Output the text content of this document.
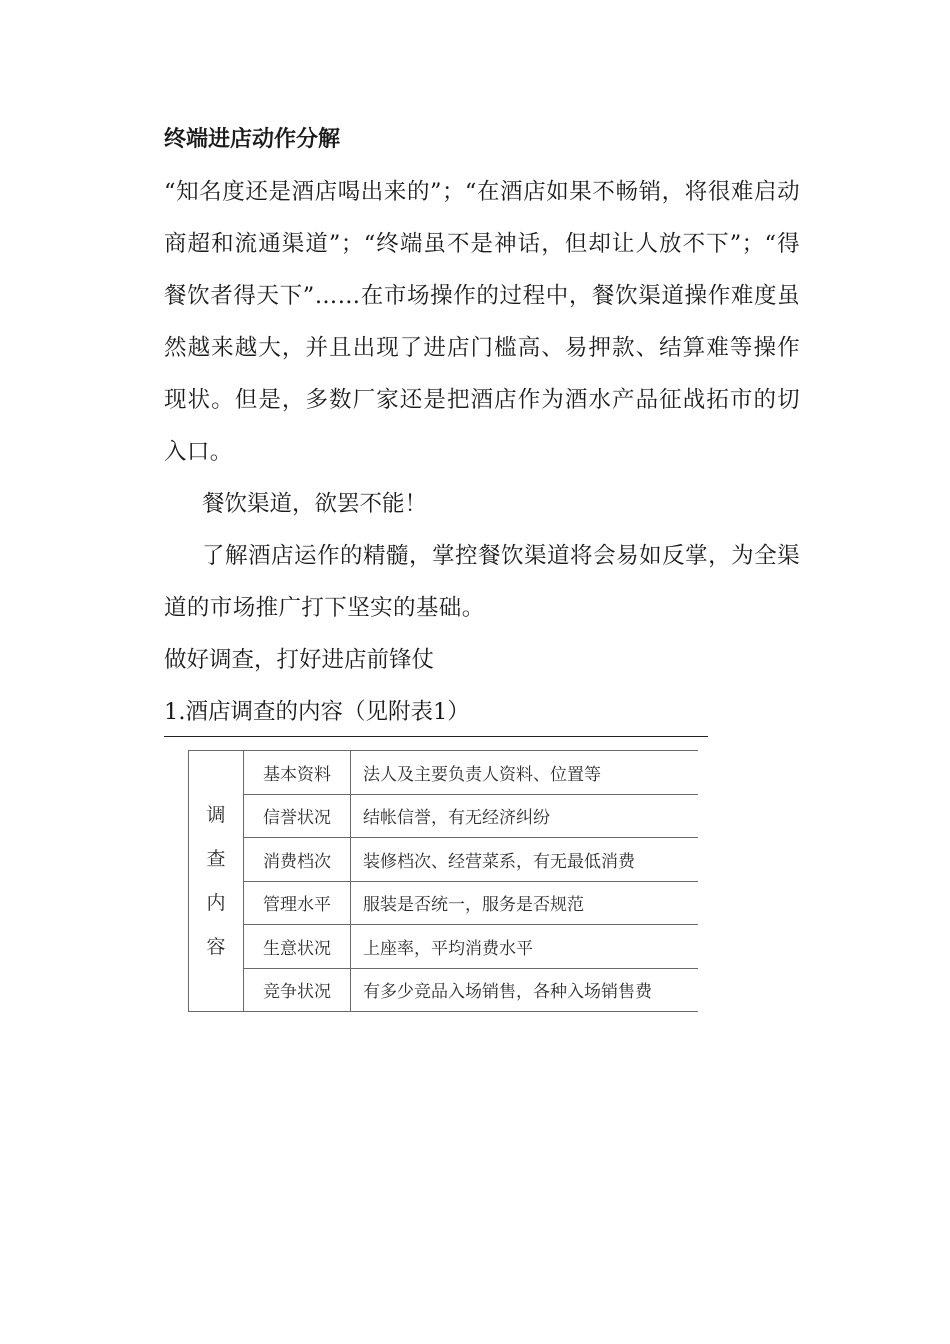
终端进店动作分解
“知名度还是酒店喝出来的”；“在酒店如果不畅销，将很难启动商超和流通渠道”；“终端虽不是神话，但却让人放不下”；“得餐饮者得天下”……在市场操作的过程中，餐饮渠道操作难度虽然越来越大，并且出现了进店门槛高、易押款、结算难等操作现状。但是，多数厂家还是把酒店作为酒水产品征战拓市的切入口。
餐饮渠道，欲罢不能！
了解酒店运作的精髓，掌控餐饮渠道将会易如反掌，为全渠道的市场推广打下坚实的基础。
做好调查，打好进店前锋仗
1.酒店调查的内容（见附表1）
调
查
内
容	基本资料	法人及主要负责人资料、位置等
	信誉状况	结帐信誉，有无经济纠纷
	消费档次	装修档次、经营菜系，有无最低消费
	管理水平	服装是否统一，服务是否规范
	生意状况	上座率，平均消费水平
	竞争状况	有多少竞品入场销售，各种入场销售费
